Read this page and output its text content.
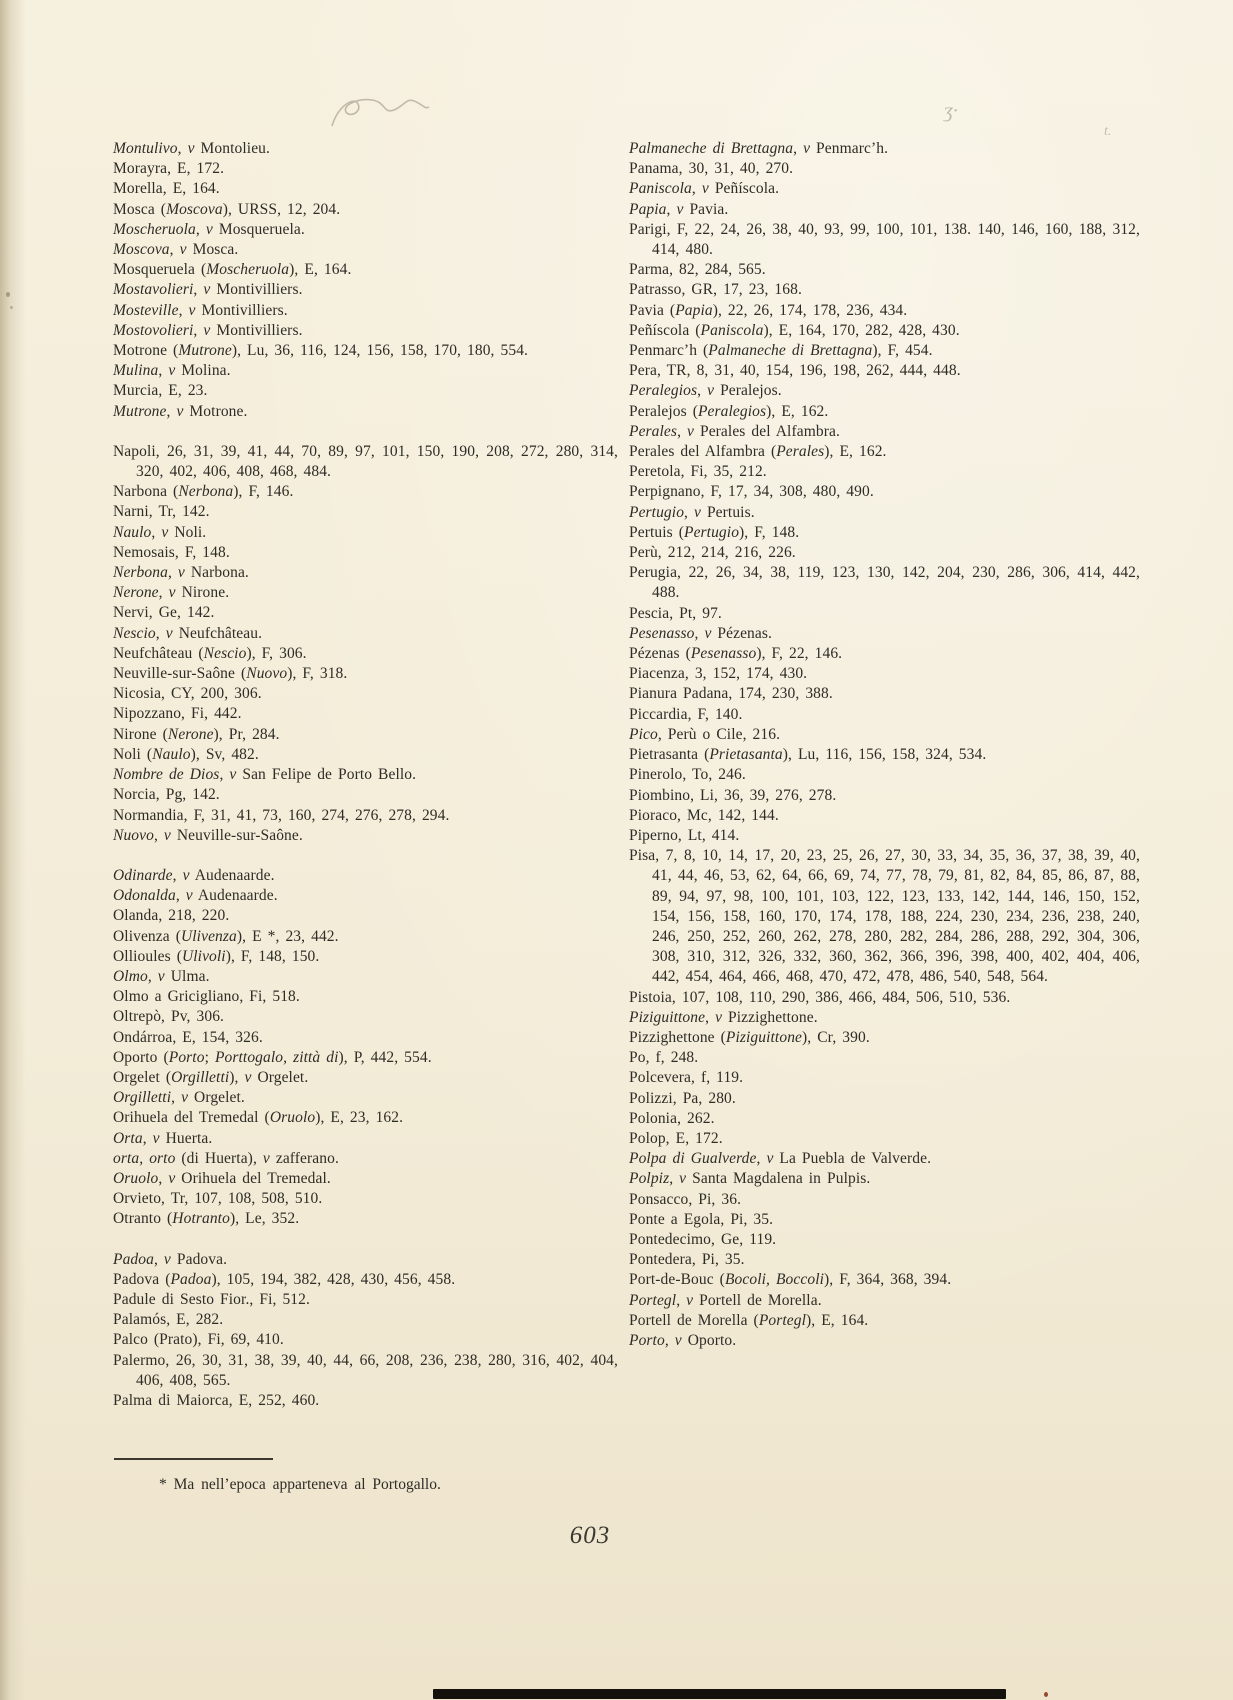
ʒ·
t.

Montulivo, v Montolieu.

Morayra, E, 172.

Morella, E, 164.

Mosca (Moscova), URSS, 12, 204.

Moscheruola, v Mosqueruela.

Moscova, v Mosca.

Mosqueruela (Moscheruola), E, 164.

Mostavolieri, v Montivilliers.

Mosteville, v Montivilliers.

Mostovolieri, v Montivilliers.

Motrone (Mutrone), Lu, 36, 116, 124, 156, 158, 170, 180, 554.

Mulina, v Molina.

Murcia, E, 23.

Mutrone, v Motrone.

Napoli, 26, 31, 39, 41, 44, 70, 89, 97, 101, 150, 190, 208, 272, 280, 314, 320, 402, 406, 408, 468, 484.

Narbona (Nerbona), F, 146.

Narni, Tr, 142.

Naulo, v Noli.

Nemosais, F, 148.

Nerbona, v Narbona.

Nerone, v Nirone.

Nervi, Ge, 142.

Nescio, v Neufchâteau.

Neufchâteau (Nescio), F, 306.

Neuville-sur-Saône (Nuovo), F, 318.

Nicosia, CY, 200, 306.

Nipozzano, Fi, 442.

Nirone (Nerone), Pr, 284.

Noli (Naulo), Sv, 482.

Nombre de Dios, v San Felipe de Porto Bello.

Norcia, Pg, 142.

Normandia, F, 31, 41, 73, 160, 274, 276, 278, 294.

Nuovo, v Neuville-sur-Saône.

Odinarde, v Audenaarde.

Odonalda, v Audenaarde.

Olanda, 218, 220.

Olivenza (Ulivenza), E *, 23, 442.

Ollioules (Ulivoli), F, 148, 150.

Olmo, v Ulma.

Olmo a Gricigliano, Fi, 518.

Oltrepò, Pv, 306.

Ondárroa, E, 154, 326.

Oporto (Porto; Porttogalo, zittà di), P, 442, 554.

Orgelet (Orgilletti), v Orgelet.

Orgilletti, v Orgelet.

Orihuela del Tremedal (Oruolo), E, 23, 162.

Orta, v Huerta.

orta, orto (di Huerta), v zafferano.

Oruolo, v Orihuela del Tremedal.

Orvieto, Tr, 107, 108, 508, 510.

Otranto (Hotranto), Le, 352.

Padoa, v Padova.

Padova (Padoa), 105, 194, 382, 428, 430, 456, 458.

Padule di Sesto Fior., Fi, 512.

Palamós, E, 282.

Palco (Prato), Fi, 69, 410.

Palermo, 26, 30, 31, 38, 39, 40, 44, 66, 208, 236, 238, 280, 316, 402, 404, 406, 408, 565.

Palma di Maiorca, E, 252, 460.

Palmaneche di Brettagna, v Penmarc’h.

Panama, 30, 31, 40, 270.

Paniscola, v Peñíscola.

Papia, v Pavia.

Parigi, F, 22, 24, 26, 38, 40, 93, 99, 100, 101, 138. 140, 146, 160, 188, 312, 414, 480.

Parma, 82, 284, 565.

Patrasso, GR, 17, 23, 168.

Pavia (Papia), 22, 26, 174, 178, 236, 434.

Peñíscola (Paniscola), E, 164, 170, 282, 428, 430.

Penmarc’h (Palmaneche di Brettagna), F, 454.

Pera, TR, 8, 31, 40, 154, 196, 198, 262, 444, 448.

Peralegios, v Peralejos.

Peralejos (Peralegios), E, 162.

Perales, v Perales del Alfambra.

Perales del Alfambra (Perales), E, 162.

Peretola, Fi, 35, 212.

Perpignano, F, 17, 34, 308, 480, 490.

Pertugio, v Pertuis.

Pertuis (Pertugio), F, 148.

Perù, 212, 214, 216, 226.

Perugia, 22, 26, 34, 38, 119, 123, 130, 142, 204, 230, 286, 306, 414, 442, 488.

Pescia, Pt, 97.

Pesenasso, v Pézenas.

Pézenas (Pesenasso), F, 22, 146.

Piacenza, 3, 152, 174, 430.

Pianura Padana, 174, 230, 388.

Piccardia, F, 140.

Pico, Perù o Cile, 216.

Pietrasanta (Prietasanta), Lu, 116, 156, 158, 324, 534.

Pinerolo, To, 246.

Piombino, Li, 36, 39, 276, 278.

Pioraco, Mc, 142, 144.

Piperno, Lt, 414.

Pisa, 7, 8, 10, 14, 17, 20, 23, 25, 26, 27, 30, 33, 34, 35, 36, 37, 38, 39, 40, 41, 44, 46, 53, 62, 64, 66, 69, 74, 77, 78, 79, 81, 82, 84, 85, 86, 87, 88, 89, 94, 97, 98, 100, 101, 103, 122, 123, 133, 142, 144, 146, 150, 152, 154, 156, 158, 160, 170, 174, 178, 188, 224, 230, 234, 236, 238, 240, 246, 250, 252, 260, 262, 278, 280, 282, 284, 286, 288, 292, 304, 306, 308, 310, 312, 326, 332, 360, 362, 366, 396, 398, 400, 402, 404, 406, 442, 454, 464, 466, 468, 470, 472, 478, 486, 540, 548, 564.

Pistoia, 107, 108, 110, 290, 386, 466, 484, 506, 510, 536.

Piziguittone, v Pizzighettone.

Pizzighettone (Piziguittone), Cr, 390.

Po, f, 248.

Polcevera, f, 119.

Polizzi, Pa, 280.

Polonia, 262.

Polop, E, 172.

Polpa di Gualverde, v La Puebla de Valverde.

Polpiz, v Santa Magdalena in Pulpis.

Ponsacco, Pi, 36.

Ponte a Egola, Pi, 35.

Pontedecimo, Ge, 119.

Pontedera, Pi, 35.

Port-de-Bouc (Bocoli, Boccoli), F, 364, 368, 394.

Portegl, v Portell de Morella.

Portell de Morella (Portegl), E, 164.

Porto, v Oporto.

* Ma nell’epoca apparteneva al Portogallo.

603
